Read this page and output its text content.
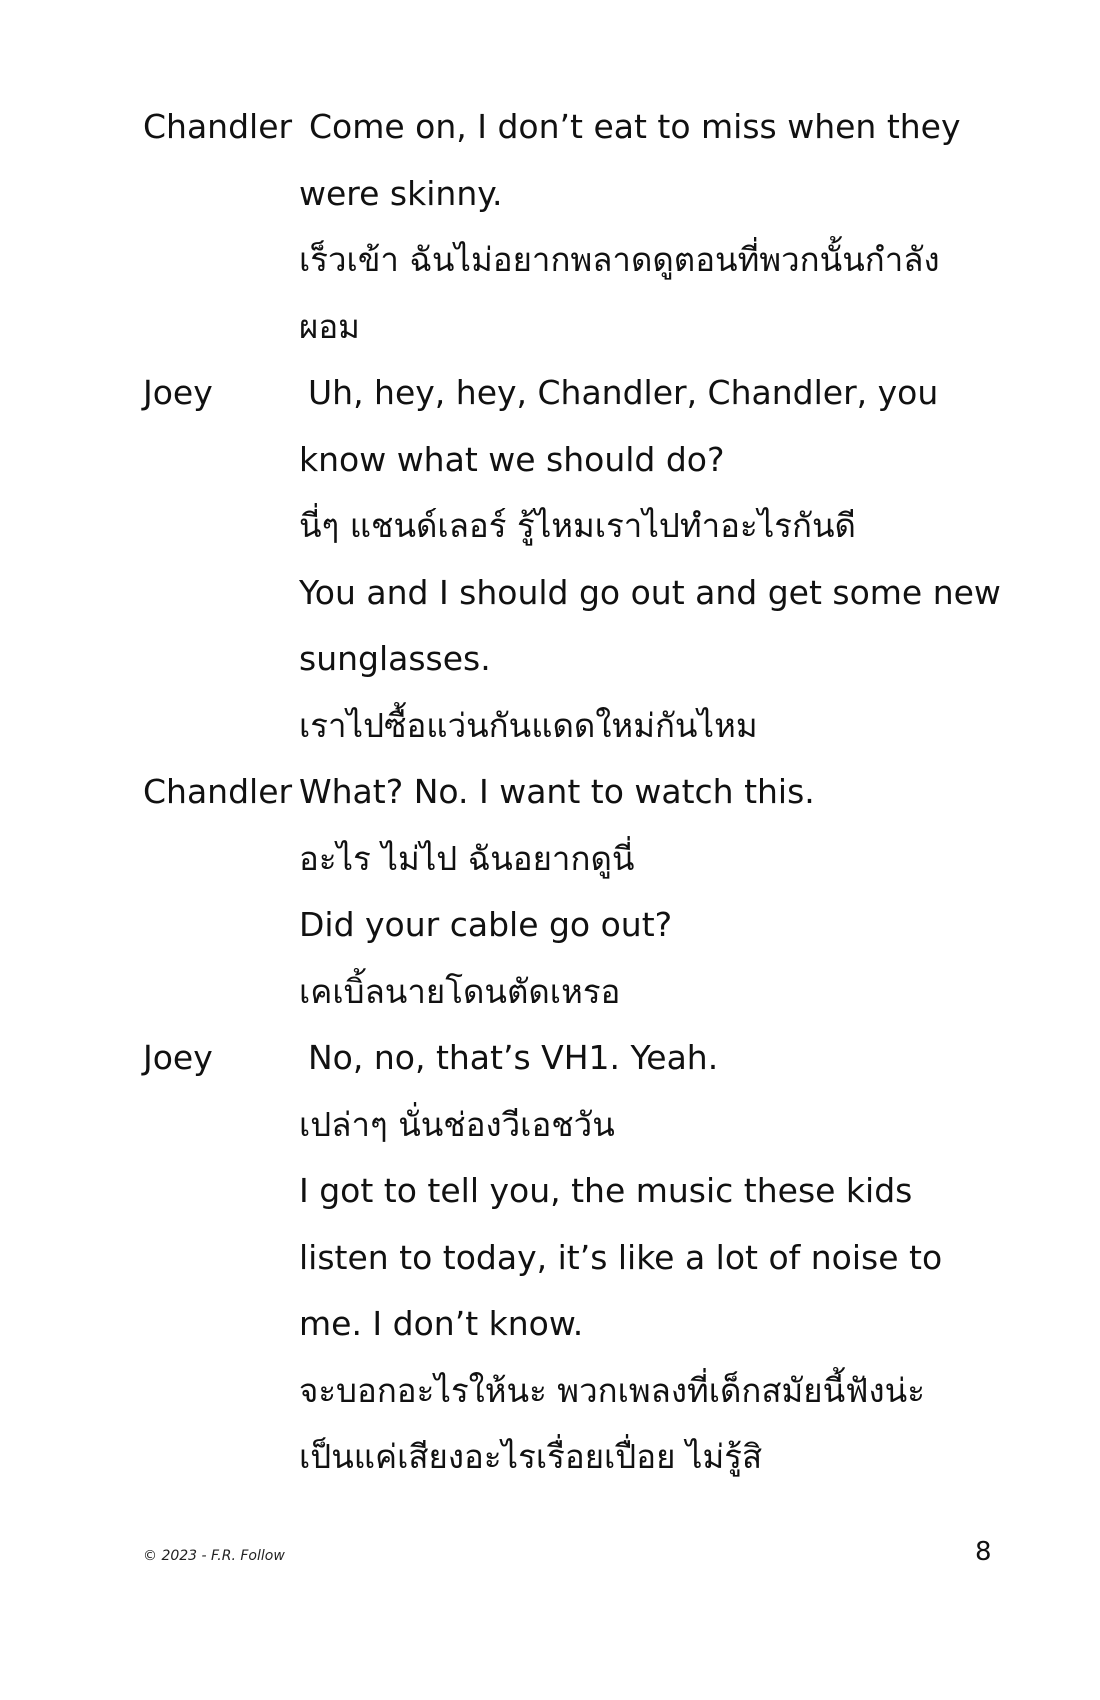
Chandler Come on, I don’t eat to miss when they
were skinny.
เร็วเข้า ฉันไม่อยากพลาดดูตอนที่พวกนั้นกำลัง
ผอม
Joey	Uh, hey, hey, Chandler, Chandler, you
know what we should do?
นี่ๆ แชนด์เลอร์ รู้ไหมเราไปทำอะไรกันดี
You and I should go out and get some new
sunglasses.
เราไปซื้อแว่นกันแดดใหม่กันไหม
Chandler What? No. I want to watch this.
อะไร ไม่ไป ฉันอยากดูนี่
Did your cable go out?
เคเบิ้ลนายโดนตัดเหรอ
Joey	No, no, that’s VH1. Yeah.
เปล่าๆ นั่นช่องวีเอชวัน
I got to tell you, the music these kids
listen to today, it’s like a lot of noise to
me. I don’t know.
จะบอกอะไรให้นะ พวกเพลงที่เด็กสมัยนี้ฟังน่ะ
เป็นแค่เสียงอะไรเรื่อยเปื่อย ไม่รู้สิ
© 2023 - F.R. Follow	8
